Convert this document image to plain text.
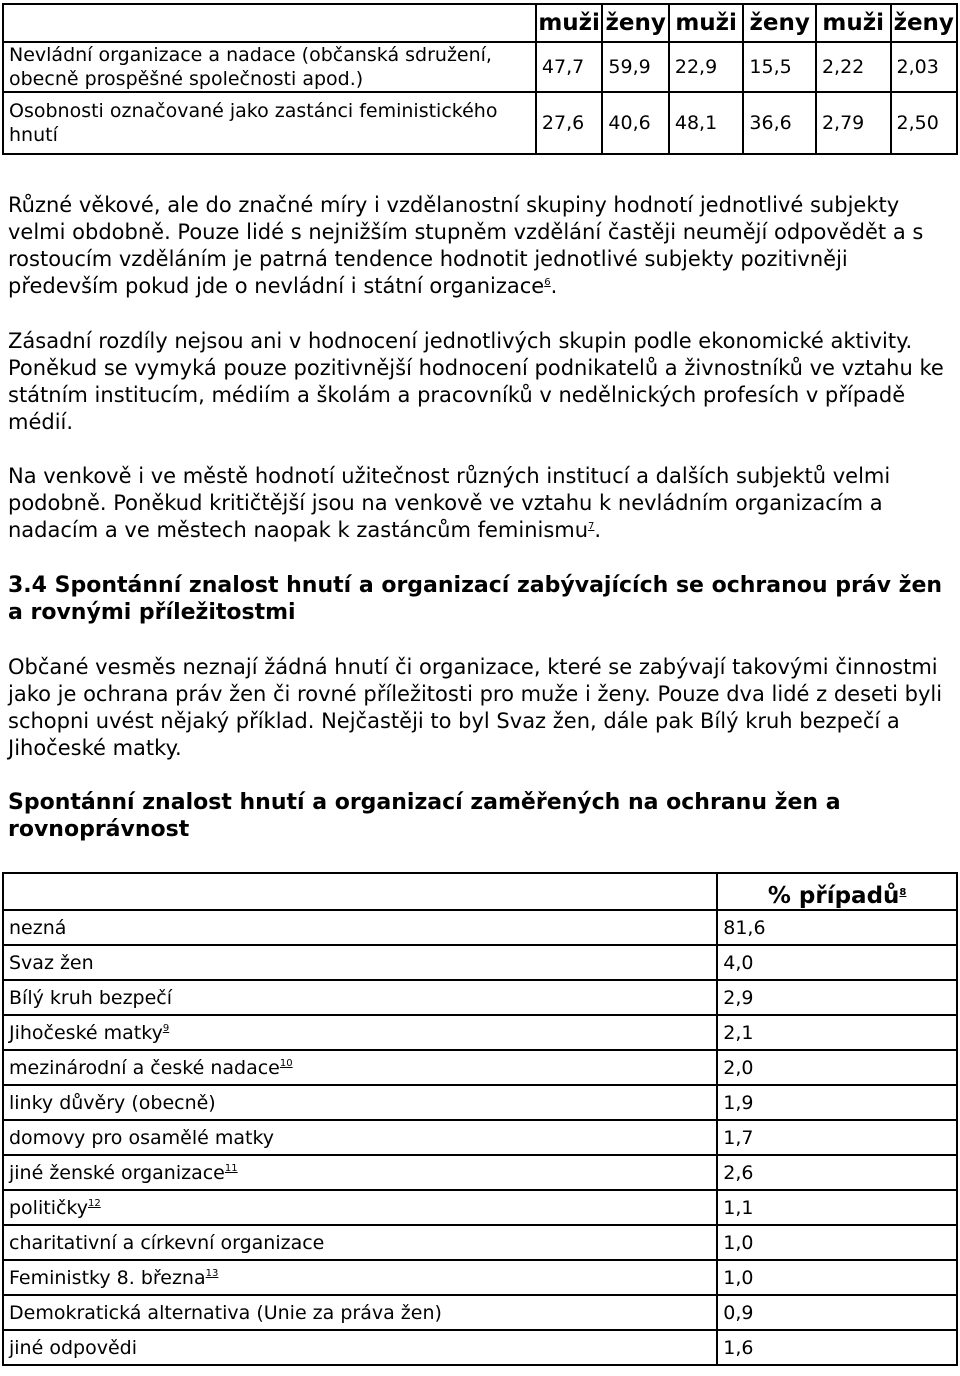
	muži	ženy	muži	ženy	muži	ženy
Nevládní organizace a nadace (občanská sdružení, obecně prospěšné společnosti apod.)	47,7	59,9	22,9	15,5	2,22	2,03
Osobnosti označované jako zastánci feministického hnutí	27,6	40,6	48,1	36,6	2,79	2,50

Různé věkové, ale do značné míry i vzdělanostní skupiny hodnotí jednotlivé subjekty velmi obdobně. Pouze lidé s nejnižším stupněm vzdělání častěji neumějí odpovědět a s rostoucím vzděláním je patrná tendence hodnotit jednotlivé subjekty pozitivněji především pokud jde o nevládní i státní organizace$^6$.

Zásadní rozdíly nejsou ani v hodnocení jednotlivých skupin podle ekonomické aktivity. Poněkud se vymyká pouze pozitivnější hodnocení podnikatelů a živnostníků ve vztahu ke státním institucím, médiím a školám a pracovníků v nedělnických profesích v případě médií.

Na venkově i ve městě hodnotí užitečnost různých institucí a dalších subjektů velmi podobně. Poněkud kritičtější jsou na venkově ve vztahu k nevládním organizacím a nadacím a ve městech naopak k zastáncům feminismu$^7$.

3.4 Spontánní znalost hnutí a organizací zabývajících se ochranou práv žen a rovnými příležitostmi

Občané vesměs neznají žádná hnutí či organizace, které se zabývají takovými činnostmi jako je ochrana práv žen či rovné příležitosti pro muže i ženy. Pouze dva lidé z deseti byli schopni uvést nějaký příklad. Nejčastěji to byl Svaz žen, dále pak Bílý kruh bezpečí a Jihočeské matky.

Spontánní znalost hnutí a organizací zaměřených na ochranu žen a rovnoprávnost
	% případů$^8$
nezná	81,6
Svaz žen	4,0
Bílý kruh bezpečí	2,9
Jihočeské matky$^9$	2,1
mezinárodní a české nadace$^{10}$	2,0
linky důvěry (obecně)	1,9
domovy pro osamělé matky	1,7
jiné ženské organizace$^{11}$	2,6
političky$^{12}$	1,1
charitativní a církevní organizace	1,0
Feministky 8. března$^{13}$	1,0
Demokratická alternativa (Unie za práva žen)	0,9
jiné odpovědi	1,6
